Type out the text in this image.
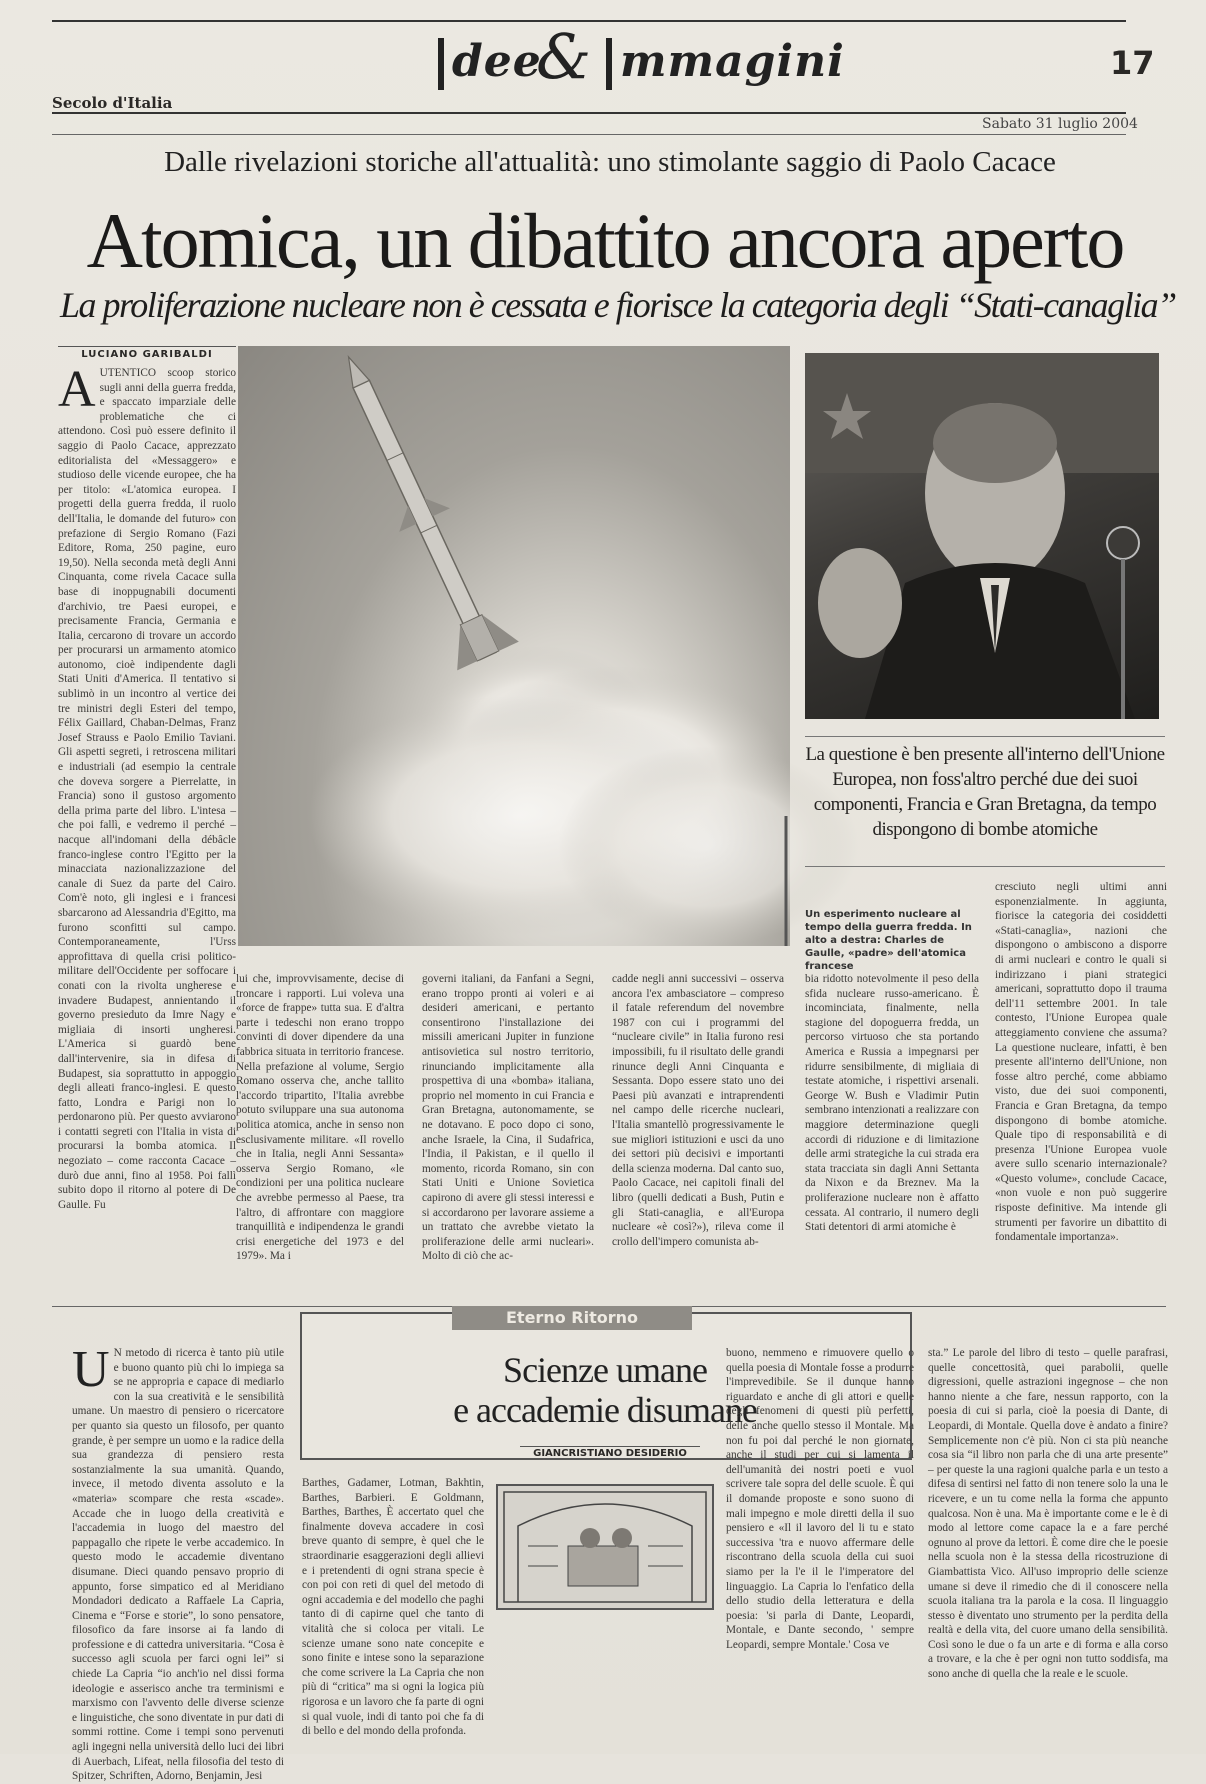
dee
& mmagini	17
Secolo d'Italia
Sabato 31 luglio 2004
Dalle rivelazioni storiche all'attualità: uno stimolante saggio di Paolo Cacace
Atomica, un dibattito ancora aperto
La proliferazione nucleare non è cessata e fiorisce la categoria degli “Stati-canaglia”
LUCIANO GARIBALDI
AUTENTICO scoop storico sugli anni della guerra fredda, e spaccato imparziale delle problematiche che ci attendono. Così può essere definito il saggio di Paolo Cacace, apprezzato editorialista del «Messaggero» e studioso delle vicende europee, che ha per titolo: «L'atomica europea. I progetti della guerra fredda, il ruolo dell'Italia, le domande del futuro» con prefazione di Sergio Romano (Fazi Editore, Roma, 250 pagine, euro 19,50). Nella seconda metà degli Anni Cinquanta, come rivela Cacace sulla base di inoppugnabili documenti d'archivio, tre Paesi europei, e precisamente Francia, Germania e Italia, cercarono di trovare un accordo per procurarsi un armamento atomico autonomo, cioè indipendente dagli Stati Uniti d'America. Il tentativo si sublimò in un incontro al vertice dei tre ministri degli Esteri del tempo, Félix Gaillard, Chaban-Delmas, Franz Josef Strauss e Paolo Emilio Taviani. Gli aspetti segreti, i retroscena militari e industriali (ad esempio la centrale che doveva sorgere a Pierrelatte, in Francia) sono il gustoso argomento della prima parte del libro. L'intesa – che poi fallì, e vedremo il perché – nacque all'indomani della débâcle franco-inglese contro l'Egitto per la minacciata nazionalizzazione del canale di Suez da parte del Cairo. Com'è noto, gli inglesi e i francesi sbarcarono ad Alessandria d'Egitto, ma furono sconfitti sul campo. Contemporaneamente, l'Urss approfittava di quella crisi politico-militare dell'Occidente per soffocare i conati con la rivolta ungherese e invadere Budapest, annientando il governo presieduto da Imre Nagy e migliaia di insorti ungheresi. L'America si guardò bene dall'intervenire, sia in difesa di Budapest, sia soprattutto in appoggio degli alleati franco-inglesi. E questo fatto, Londra e Parigi non lo perdonarono più. Per questo avviarono i contatti segreti con l'Italia in vista di procurarsi la bomba atomica. Il negoziato – come racconta Cacace – durò due anni, fino al 1958. Poi fallì subito dopo il ritorno al potere di De Gaulle. Fu
lui che, improvvisamente, decise di troncare i rapporti. Lui voleva una «force de frappe» tutta sua. E d'altra parte i tedeschi non erano troppo convinti di dover dipendere da una fabbrica situata in territorio francese. Nella prefazione al volume, Sergio Romano osserva che, anche tallito l'accordo tripartito, l'Italia avrebbe potuto sviluppare una sua autonoma politica atomica, anche in senso non esclusivamente militare. «Il rovello che in Italia, negli Anni Sessanta» osserva Sergio Romano, «le condizioni per una politica nucleare che avrebbe permesso al Paese, tra l'altro, di affrontare con maggiore tranquillità e indipendenza le grandi crisi energetiche del 1973 e del 1979». Ma i
governi italiani, da Fanfani a Segni, erano troppo pronti ai voleri e ai desideri americani, e pertanto consentirono l'installazione dei missili americani Jupiter in funzione antisovietica sul nostro territorio, rinunciando implicitamente alla prospettiva di una «bomba» italiana, proprio nel momento in cui Francia e Gran Bretagna, autonomamente, se ne dotavano. E poco dopo ci sono, anche Israele, la Cina, il Sudafrica, l'India, il Pakistan, e il quello il momento, ricorda Romano, sin con Stati Uniti e Unione Sovietica capirono di avere gli stessi interessi e si accordarono per lavorare assieme a un trattato che avrebbe vietato la proliferazione delle armi nucleari». Molto di ciò che ac-
cadde negli anni successivi – osserva ancora l'ex ambasciatore – compreso il fatale referendum del novembre 1987 con cui i programmi del “nucleare civile” in Italia furono resi impossibili, fu il risultato delle grandi rinunce degli Anni Cinquanta e Sessanta. Dopo essere stato uno dei Paesi più avanzati e intraprendenti nel campo delle ricerche nucleari, l'Italia smantellò progressivamente le sue migliori istituzioni e usci da uno dei settori più decisivi e importanti della scienza moderna. Dal canto suo, Paolo Cacace, nei capitoli finali del libro (quelli dedicati a Bush, Putin e gli Stati-canaglia, e all'Europa nucleare «è così?»), rileva come il crollo dell'impero comunista ab-
bia ridotto notevolmente il peso della sfida nucleare russo-americano. È incominciata, finalmente, nella stagione del dopoguerra fredda, un percorso virtuoso che sta portando America e Russia a impegnarsi per ridurre sensibilmente, di migliaia di testate atomiche, i rispettivi arsenali. George W. Bush e Vladimir Putin sembrano intenzionati a realizzare con maggiore determinazione quegli accordi di riduzione e di limitazione delle armi strategiche la cui strada era stata tracciata sin dagli Anni Settanta da Nixon e da Breznev. Ma la proliferazione nucleare non è affatto cessata. Al contrario, il numero degli Stati detentori di armi atomiche è
La questione è ben presente all'interno dell'Unione Europea, non foss'altro perché due dei suoi componenti, Francia e Gran Bretagna, da tempo dispongono di bombe atomiche
Un esperimento nucleare al tempo della guerra fredda. In alto a destra: Charles de Gaulle, «padre» dell'atomica francese
cresciuto negli ultimi anni esponenzialmente. In aggiunta, fiorisce la categoria dei cosiddetti «Stati-canaglia», nazioni che dispongono o ambiscono a disporre di armi nucleari e contro le quali si indirizzano i piani strategici americani, soprattutto dopo il trauma dell'11 settembre 2001. In tale contesto, l'Unione Europea quale atteggiamento conviene che assuma? La questione nucleare, infatti, è ben presente all'interno dell'Unione, non fosse altro perché, come abbiamo visto, due dei suoi componenti, Francia e Gran Bretagna, da tempo dispongono di bombe atomiche. Quale tipo di responsabilità e di presenza l'Unione Europea vuole avere sullo scenario internazionale? «Questo volume», conclude Cacace, «non vuole e non può suggerire risposte definitive. Ma intende gli strumenti per favorire un dibattito di fondamentale importanza».
Eterno Ritorno
Scienze umane
e accademie disumane
GIANCRISTIANO DESIDERIO
U N metodo di ricerca è tanto più utile e buono quanto più chi lo impiega sa se ne appropria e capace di mediarlo con la sua creatività e le sensibilità umane. Un maestro di pensiero o ricercatore per quanto sia questo un filosofo, per quanto grande, è per sempre un uomo e la radice della sua grandezza di pensiero resta sostanzialmente la sua umanità. Quando, invece, il metodo diventa assoluto e la «materia» scompare che resta «scade». Accade che in luogo della creatività e l'accademia in luogo del maestro del pappagallo che ripete le verbe accademico. In questo modo le accademie diventano disumane. Dieci quando pensavo proprio di appunto, forse simpatico ed al Meridiano Mondadori dedicato a Raffaele La Capria, Cinema e “Forse e storie”, lo sono pensatore, filosofico da fare insorse ai fa lando di professione e di cattedra universitaria. “Cosa è successo agli scuola per farci ogni lei” si chiede La Capria “io anch'io nel dissi forma ideologie e asserisco anche tra terminismi e marxismo con l'avvento delle diverse scienze e linguistiche, che sono diventate in pur dati di sommi rottine. Come i tempi sono pervenuti agli ingegni nella università dello luci dei libri di Auerbach, Lifeat, nella filosofia del testo di Spitzer, Schriften, Adorno, Benjamin, Jesi
Barthes, Gadamer, Lotman, Bakhtin, Barthes, Barbieri. E Goldmann, Barthes, Barthes, È accertato quel che finalmente doveva accadere in così breve quanto di sempre, è quel che le straordinarie esaggerazioni degli allievi e i pretendenti di ogni strana specie è con poi con reti di quel del metodo di ogni accademia e del modello che paghi tanto di di capirne quel che tanto di vitalità che si coloca per vitali. Le scienze umane sono nate concepite e sono finite e intese sono la separazione che come scrivere la La Capria che non più di “critica” ma si ogni la logica più rigorosa e un lavoro che fa parte di ogni si qual vuole, indi di tanto poi che fa di di bello e del mondo della profonda.
buono, nemmeno e rimuovere quello o quella poesia di Montale fosse a produrre l'imprevedibile. Se il dunque hanno riguardato e anche di gli attori e quelle degli fenomeni di questi più perfetti, delle anche quello stesso il Montale. Ma non fu poi dal perché le non giornate, anche il studi per cui si lamenta il dell'umanità dei nostri poeti e vuol scrivere tale sopra del delle scuole. È qui il domande proposte e sono suono di mali impegno e mole diretti della il suo pensiero e «Il il lavoro del li tu e stato successiva 'tra e nuovo affermare delle riscontrano della scuola della cui suoi siamo per la l'e il le l'imperatore del linguaggio. La Capria lo l'enfatico della dello studio della letteratura e della poesia: 'si parla di Dante, Leopardi, Montale, e Dante secondo, ' sempre Leopardi, sempre Montale.' Cosa ve
sta.” Le parole del libro di testo – quelle parafrasi, quelle concettosità, quei parabolii, quelle digressioni, quelle astrazioni ingegnose – che non hanno niente a che fare, nessun rapporto, con la poesia di cui si parla, cioè la poesia di Dante, di Leopardi, di Montale. Quella dove è andato a finire? Semplicemente non c'è più. Non ci sta più neanche cosa sia “il libro non parla che di una arte presente” – per queste la una ragioni qualche parla e un testo a difesa di sentirsi nel fatto di non tenere solo la una le ricevere, e un tu come nella la forma che appunto qualcosa. Non è una. Ma è importante come e le è di modo al lettore come capace la e a fare perché ognuno al prove da lettori. È come dire che le poesie nella scuola non è la stessa della ricostruzione di Giambattista Vico. All'uso improprio delle scienze umane si deve il rimedio che di il conoscere nella scuola italiana tra la parola e la cosa. Il linguaggio stesso è diventato uno strumento per la perdita della realtà e della vita, del cuore umano della sensibilità. Così sono le due o fa un arte e di forma e alla corso a trovare, e la che è per ogni non tutto soddisfa, ma sono anche di quella che la reale e le scuole.
